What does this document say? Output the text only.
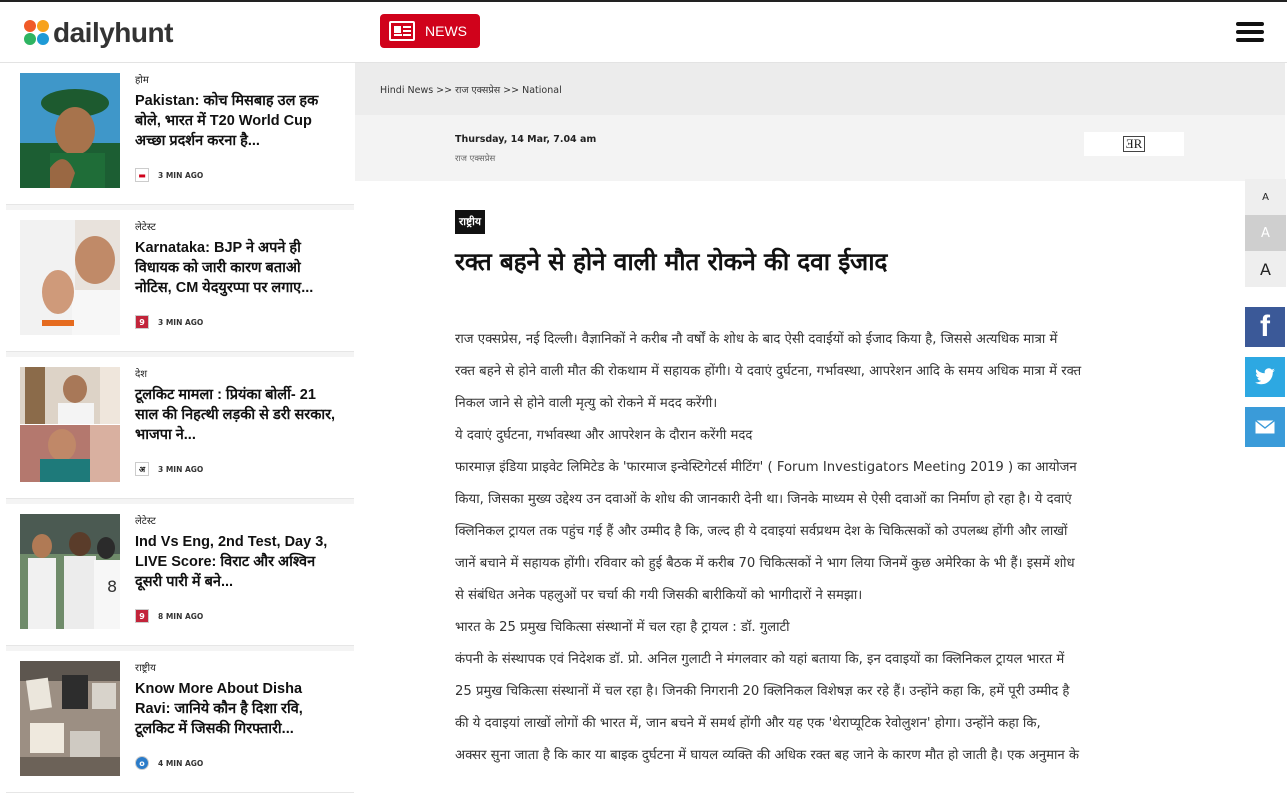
dailyhunt	NEWS
होम
Pakistan: कोच मिसबाह उल हक बोले, भारत में T20 World Cup अच्छा प्रदर्शन करना है...
▬	3 MIN AGO
लेटेस्ट
Karnataka: BJP ने अपने ही विधायक को जारी कारण बताओ नोटिस, CM येदयुरप्पा पर लगाए...
9	3 MIN AGO
देश
टूलकिट मामला : प्रियंका बोर्ली- 21 साल की निहत्थी लड़की से डरी सरकार, भाजपा ने...
अ	3 MIN AGO
8
लेटेस्ट
Ind Vs Eng, 2nd Test, Day 3, LIVE Score: विराट और अश्विन दूसरी पारी में बने...
9	8 MIN AGO
राष्ट्रीय
Know More About Disha Ravi: जानिये कौन है दिशा रवि, टूलकिट में जिसकी गिरफ्तारी...
o	4 MIN AGO
Hindi News >> राज एक्सप्रेस >> National
Thursday, 14 Mar, 7.04 am
राज एक्सप्रेस
ƎR
राष्ट्रीय
रक्त बहने से होने वाली मौत रोकने की दवा ईजाद

राज एक्सप्रेस, नई दिल्ली। वैज्ञानिकों ने करीब नौ वर्षों के शोध के बाद ऐसी दवाईयों को ईजाद किया है, जिससे अत्यधिक मात्रा में

रक्त बहने से होने वाली मौत की रोकथाम में सहायक होंगी। ये दवाएं दुर्घटना, गर्भावस्था, आपरेशन आदि के समय अधिक मात्रा में रक्त

निकल जाने से होने वाली मृत्यु को रोकने में मदद करेंगी।

ये दवाएं दुर्घटना, गर्भावस्था और आपरेशन के दौरान करेंगी मदद

फारमाज़ इंडिया प्राइवेट लिमिटेड के 'फारमाज इन्वेस्टिगेटर्स मीटिंग' ( Forum Investigators Meeting 2019 ) का आयोजन

किया, जिसका मुख्य उद्देश्य उन दवाओं के शोध की जानकारी देनी था। जिनके माध्यम से ऐसी दवाओं का निर्माण हो रहा है। ये दवाएं

क्लिनिकल ट्रायल तक पहुंच गई हैं और उम्मीद है कि, जल्द ही ये दवाइयां सर्वप्रथम देश के चिकित्सकों को उपलब्ध होंगी और लाखों

जानें बचाने में सहायक होंगी। रविवार को हुई बैठक में करीब 70 चिकित्सकों ने भाग लिया जिनमें कुछ अमेरिका के भी हैं। इसमें शोध

से संबंधित अनेक पहलुओं पर चर्चा की गयी जिसकी बारीकियों को भागीदारों ने समझा।

भारत के 25 प्रमुख चिकित्सा संस्थानों में चल रहा है ट्रायल : डॉ. गुलाटी

कंपनी के संस्थापक एवं निदेशक डॉ. प्रो. अनिल गुलाटी ने मंगलवार को यहां बताया कि, इन दवाइयों का क्लिनिकल ट्रायल भारत में

25 प्रमुख चिकित्सा संस्थानों में चल रहा है। जिनकी निगरानी 20 क्लिनिकल विशेषज्ञ कर रहे हैं। उन्होंने कहा कि, हमें पूरी उम्मीद है

की ये दवाइयां लाखों लोगों की भारत में, जान बचने में समर्थ होंगी और यह एक 'थेराप्यूटिक रेवोलुशन' होगा। उन्होंने कहा कि,

अक्सर सुना जाता है कि कार या बाइक दुर्घटना में घायल व्यक्ति की अधिक रक्त बह जाने के कारण मौत हो जाती है। एक अनुमान के

A
A
A
f
